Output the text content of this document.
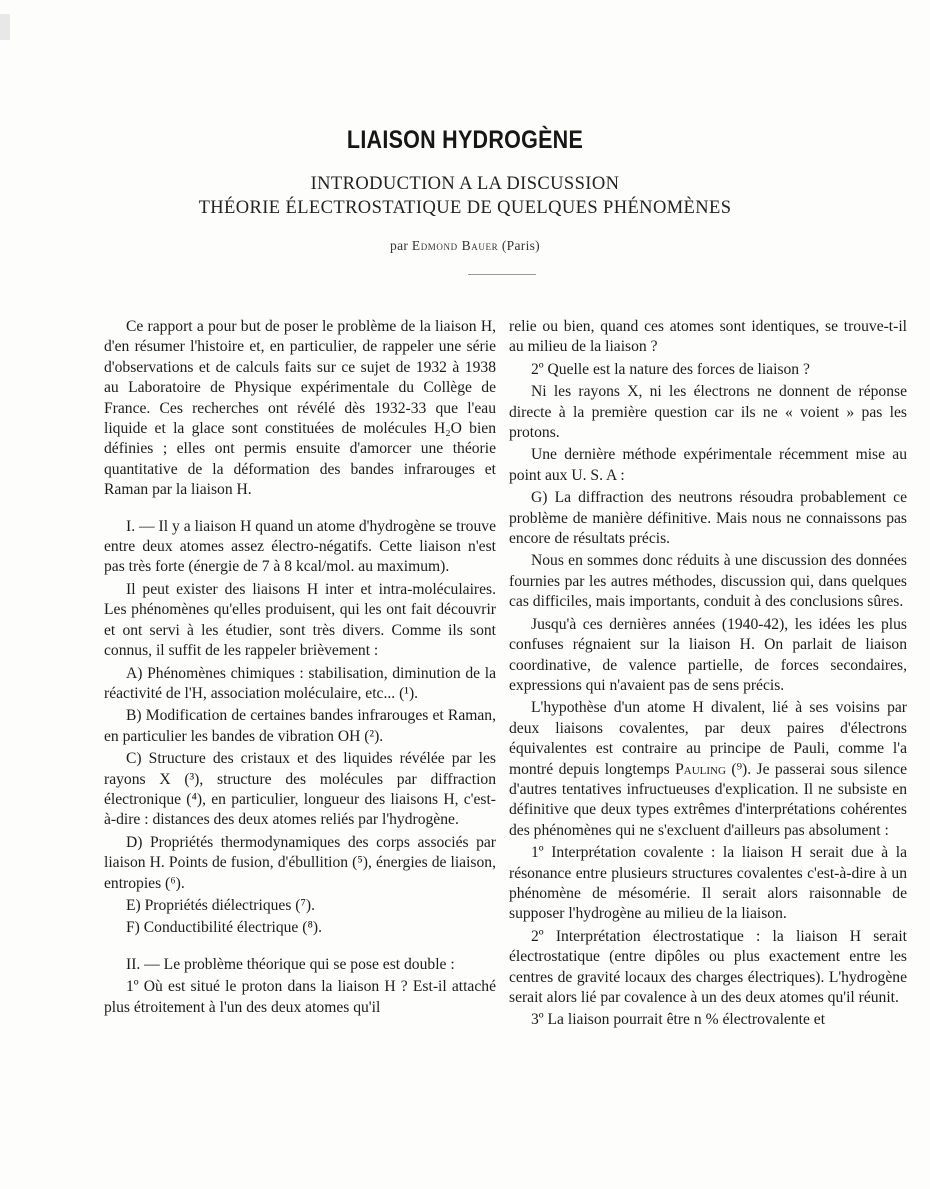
LIAISON HYDROGÈNE
INTRODUCTION A LA DISCUSSION
THÉORIE ÉLECTROSTATIQUE DE QUELQUES PHÉNOMÈNES
par Edmond Bauer (Paris)

Ce rapport a pour but de poser le problème de la liaison H, d'en résumer l'histoire et, en particulier, de rappeler une série d'observations et de calculs faits sur ce sujet de 1932 à 1938 au Laboratoire de Physique expérimentale du Collège de France. Ces recherches ont révélé dès 1932-33 que l'eau liquide et la glace sont constituées de molécules H₂O bien définies ; elles ont permis ensuite d'amorcer une théorie quantitative de la déformation des bandes infrarouges et Raman par la liaison H.

I. — Il y a liaison H quand un atome d'hydrogène se trouve entre deux atomes assez électro-négatifs. Cette liaison n'est pas très forte (énergie de 7 à 8 kcal/mol. au maximum).

Il peut exister des liaisons H inter et intra-moléculaires. Les phénomènes qu'elles produisent, qui les ont fait découvrir et ont servi à les étudier, sont très divers. Comme ils sont connus, il suffit de les rappeler brièvement :

A) Phénomènes chimiques : stabilisation, diminution de la réactivité de l'H, association moléculaire, etc... (¹).

B) Modification de certaines bandes infrarouges et Raman, en particulier les bandes de vibration OH (²).

C) Structure des cristaux et des liquides révélée par les rayons X (³), structure des molécules par diffraction électronique (⁴), en particulier, longueur des liaisons H, c'est-à-dire : distances des deux atomes reliés par l'hydrogène.

D) Propriétés thermodynamiques des corps associés par liaison H. Points de fusion, d'ébullition (⁵), énergies de liaison, entropies (⁶).

E) Propriétés diélectriques (⁷).

F) Conductibilité électrique (⁸).

II. — Le problème théorique qui se pose est double :

1º Où est situé le proton dans la liaison H ? Est-il attaché plus étroitement à l'un des deux atomes qu'il

relie ou bien, quand ces atomes sont identiques, se trouve-t-il au milieu de la liaison ?

2º Quelle est la nature des forces de liaison ?

Ni les rayons X, ni les électrons ne donnent de réponse directe à la première question car ils ne « voient » pas les protons.

Une dernière méthode expérimentale récemment mise au point aux U. S. A :

G) La diffraction des neutrons résoudra probablement ce problème de manière définitive. Mais nous ne connaissons pas encore de résultats précis.

Nous en sommes donc réduits à une discussion des données fournies par les autres méthodes, discussion qui, dans quelques cas difficiles, mais importants, conduit à des conclusions sûres.

Jusqu'à ces dernières années (1940-42), les idées les plus confuses régnaient sur la liaison H. On parlait de liaison coordinative, de valence partielle, de forces secondaires, expressions qui n'avaient pas de sens précis.

L'hypothèse d'un atome H divalent, lié à ses voisins par deux liaisons covalentes, par deux paires d'électrons équivalentes est contraire au principe de Pauli, comme l'a montré depuis longtemps Pauling (⁹). Je passerai sous silence d'autres tentatives infructueuses d'explication. Il ne subsiste en définitive que deux types extrêmes d'interprétations cohérentes des phénomènes qui ne s'excluent d'ailleurs pas absolument :

1º Interprétation covalente : la liaison H serait due à la résonance entre plusieurs structures covalentes c'est-à-dire à un phénomène de mésomérie. Il serait alors raisonnable de supposer l'hydrogène au milieu de la liaison.

2º Interprétation électrostatique : la liaison H serait électrostatique (entre dipôles ou plus exactement entre les centres de gravité locaux des charges électriques). L'hydrogène serait alors lié par covalence à un des deux atomes qu'il réunit.

3º La liaison pourrait être n % électrovalente et
